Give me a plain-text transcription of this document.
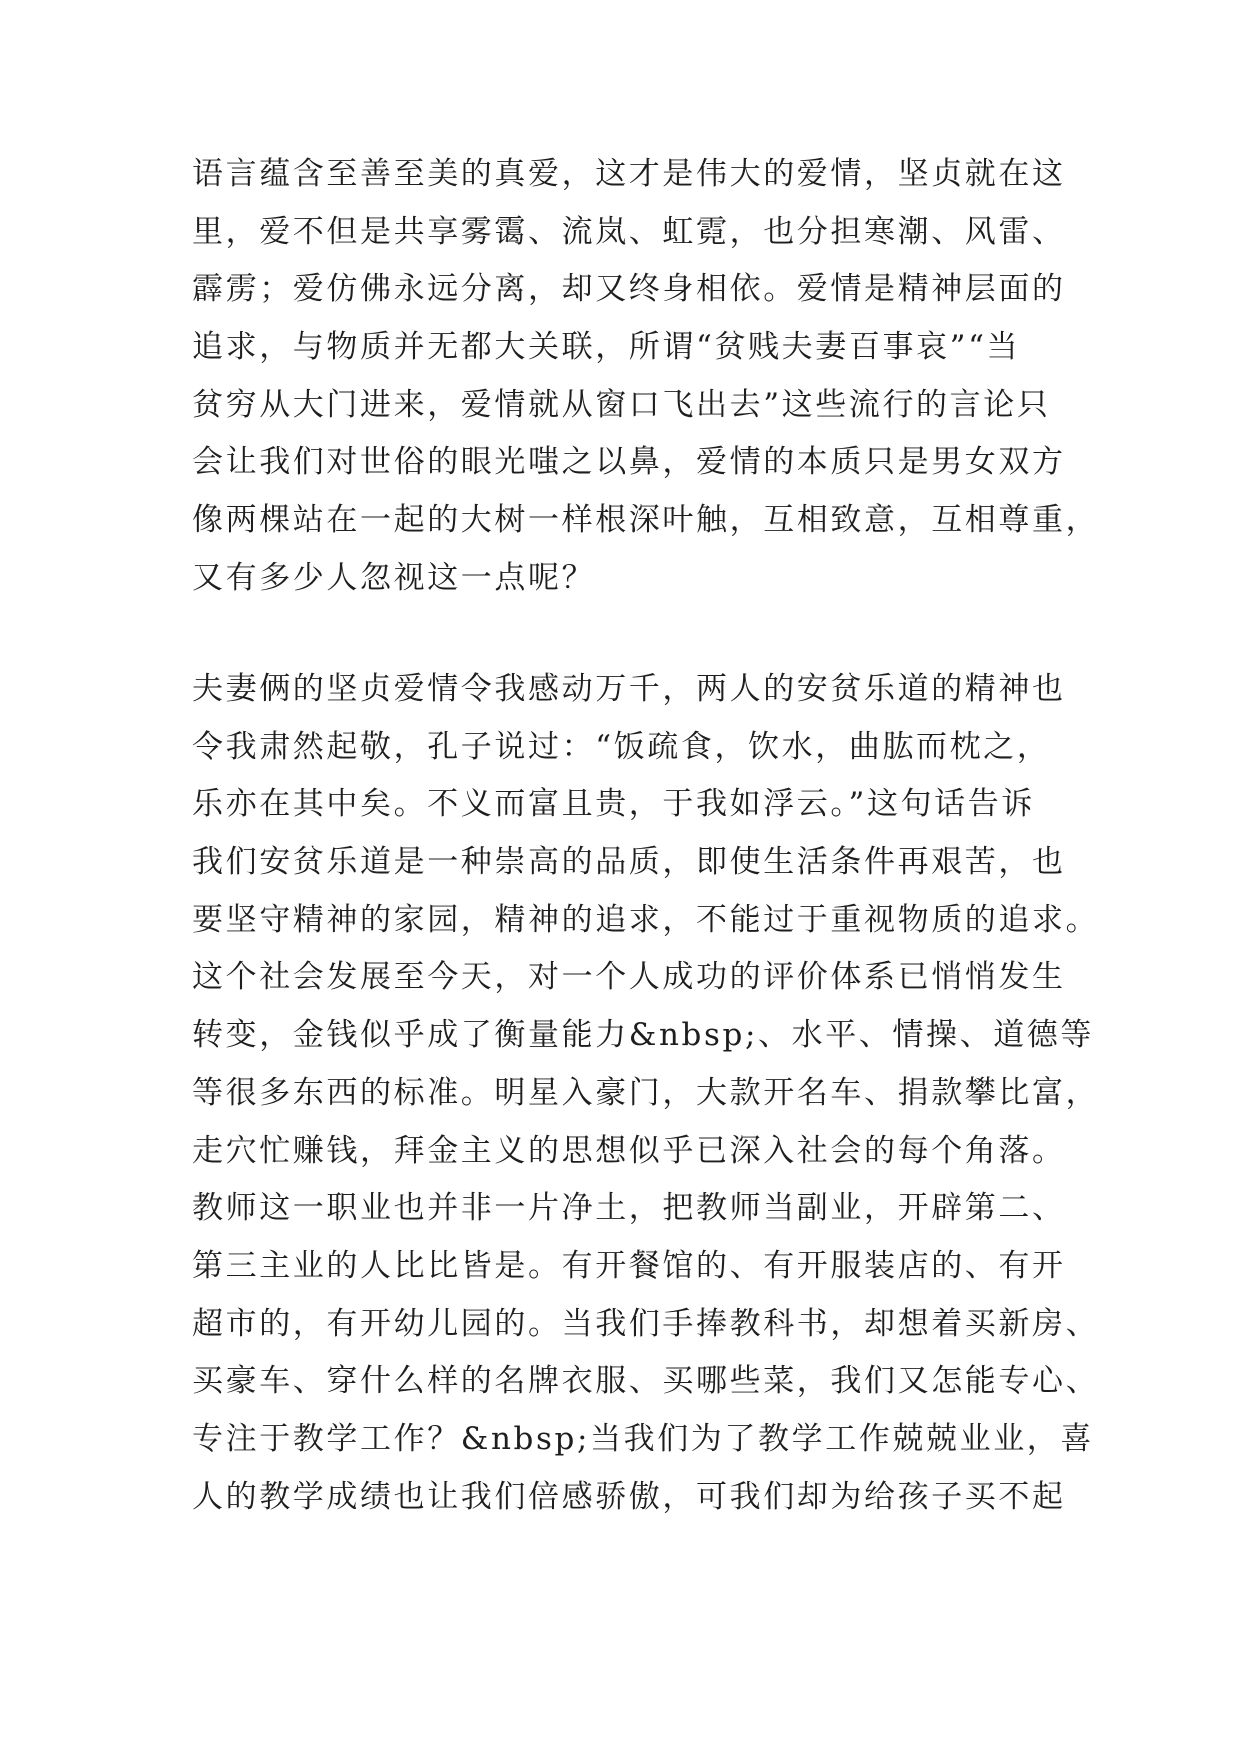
语言蕴含至善至美的真爱，这才是伟大的爱情，坚贞就在这
里，爱不但是共享雾霭、流岚、虹霓，也分担寒潮、风雷、
霹雳；爱仿佛永远分离，却又终身相依。爱情是精神层面的
追求，与物质并无都大关联，所谓“贫贱夫妻百事哀”“当
贫穷从大门进来，爱情就从窗口飞出去”这些流行的言论只
会让我们对世俗的眼光嗤之以鼻，爱情的本质只是男女双方
像两棵站在一起的大树一样根深叶触，互相致意，互相尊重，
又有多少人忽视这一点呢？
夫妻俩的坚贞爱情令我感动万千，两人的安贫乐道的精神也
令我肃然起敬，孔子说过：“饭疏食，饮水，曲肱而枕之，
乐亦在其中矣。不义而富且贵，于我如浮云。”这句话告诉
我们安贫乐道是一种崇高的品质，即使生活条件再艰苦，也
要坚守精神的家园，精神的追求，不能过于重视物质的追求。
这个社会发展至今天，对一个人成功的评价体系已悄悄发生
转变，金钱似乎成了衡量能力&nbsp;、水平、情操、道德等
等很多东西的标准。明星入豪门，大款开名车、捐款攀比富，
走穴忙赚钱，拜金主义的思想似乎已深入社会的每个角落。
教师这一职业也并非一片净土，把教师当副业，开辟第二、
第三主业的人比比皆是。有开餐馆的、有开服装店的、有开
超市的，有开幼儿园的。当我们手捧教科书，却想着买新房、
买豪车、穿什么样的名牌衣服、买哪些菜，我们又怎能专心、
专注于教学工作？&nbsp;当我们为了教学工作兢兢业业，喜
人的教学成绩也让我们倍感骄傲，可我们却为给孩子买不起
